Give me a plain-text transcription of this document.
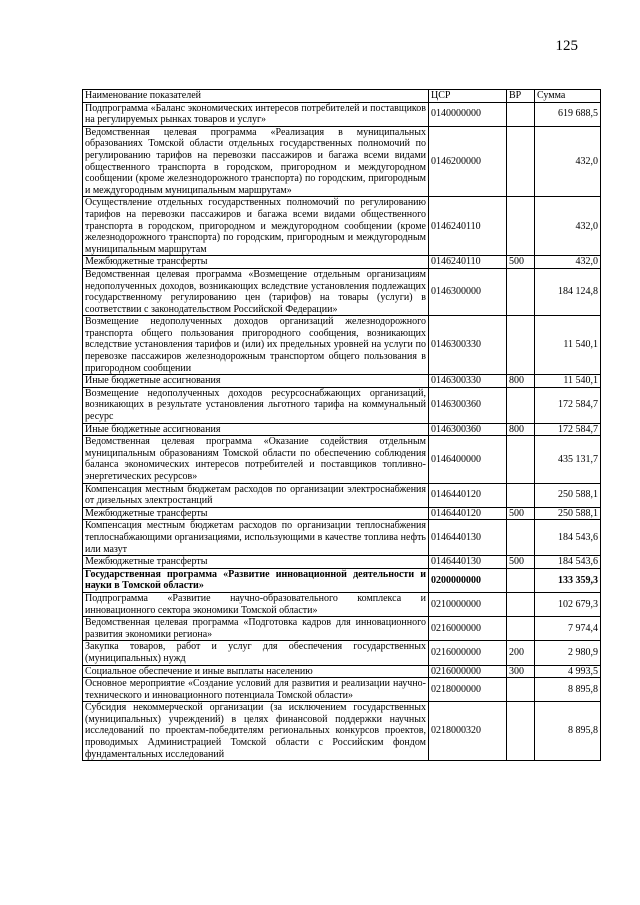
125
Наименование показателей	ЦСР	ВР	Сумма
Подпрограмма «Баланс экономических интересов потребителей и поставщиков на регулируемых рынках товаров и услуг»	0140000000		619 688,5
Ведомственная целевая программа «Реализация в муниципальных образованиях Томской области отдельных государственных полномочий по регулированию тарифов на перевозки пассажиров и багажа всеми видами общественного транспорта в городском, пригородном и междугородном сообщении (кроме железнодорожного транспорта) по городским, пригородным и междугородным муниципальным маршрутам»	0146200000		432,0
Осуществление отдельных государственных полномочий по регулированию тарифов на перевозки пассажиров и багажа всеми видами общественного транспорта в городском, пригородном и междугородном сообщении (кроме железнодорожного транспорта) по городским, пригородным и междугородным муниципальным маршрутам	0146240110		432,0
Межбюджетные трансферты	0146240110	500	432,0
Ведомственная целевая программа «Возмещение отдельным организациям недополученных доходов, возникающих вследствие установления подлежащих государственному регулированию цен (тарифов) на товары (услуги) в соответствии с законодательством Российской Федерации»	0146300000		184 124,8
Возмещение недополученных доходов организаций железнодорожного транспорта общего пользования пригородного сообщения, возникающих вследствие установления тарифов и (или) их предельных уровней на услуги по перевозке пассажиров железнодорожным транспортом общего пользования в пригородном сообщении	0146300330		11 540,1
Иные бюджетные ассигнования	0146300330	800	11 540,1
Возмещение недополученных доходов ресурсоснабжающих организаций, возникающих в результате установления льготного тарифа на коммунальный ресурс	0146300360		172 584,7
Иные бюджетные ассигнования	0146300360	800	172 584,7
Ведомственная целевая программа «Оказание содействия отдельным муниципальным образованиям Томской области по обеспечению соблюдения баланса экономических интересов потребителей и поставщиков топливно-энергетических ресурсов»	0146400000		435 131,7
Компенсация местным бюджетам расходов по организации электроснабжения от дизельных электростанций	0146440120		250 588,1
Межбюджетные трансферты	0146440120	500	250 588,1
Компенсация местным бюджетам расходов по организации теплоснабжения теплоснабжающими организациями, использующими в качестве топлива нефть или мазут	0146440130		184 543,6
Межбюджетные трансферты	0146440130	500	184 543,6
Государственная программа «Развитие инновационной деятельности и науки в Томской области»	0200000000		133 359,3
Подпрограмма «Развитие научно-образовательного комплекса и инновационного сектора экономики Томской области»	0210000000		102 679,3
Ведомственная целевая программа «Подготовка кадров для инновационного развития экономики региона»	0216000000		7 974,4
Закупка товаров, работ и услуг для обеспечения государственных (муниципальных) нужд	0216000000	200	2 980,9
Социальное обеспечение и иные выплаты населению	0216000000	300	4 993,5
Основное мероприятие «Создание условий для развития и реализации научно-технического и инновационного потенциала Томской области»	0218000000		8 895,8
Субсидия некоммерческой организации (за исключением государственных (муниципальных) учреждений) в целях финансовой поддержки научных исследований по проектам-победителям региональных конкурсов проектов, проводимых Администрацией Томской области с Российским фондом фундаментальных исследований	0218000320		8 895,8
